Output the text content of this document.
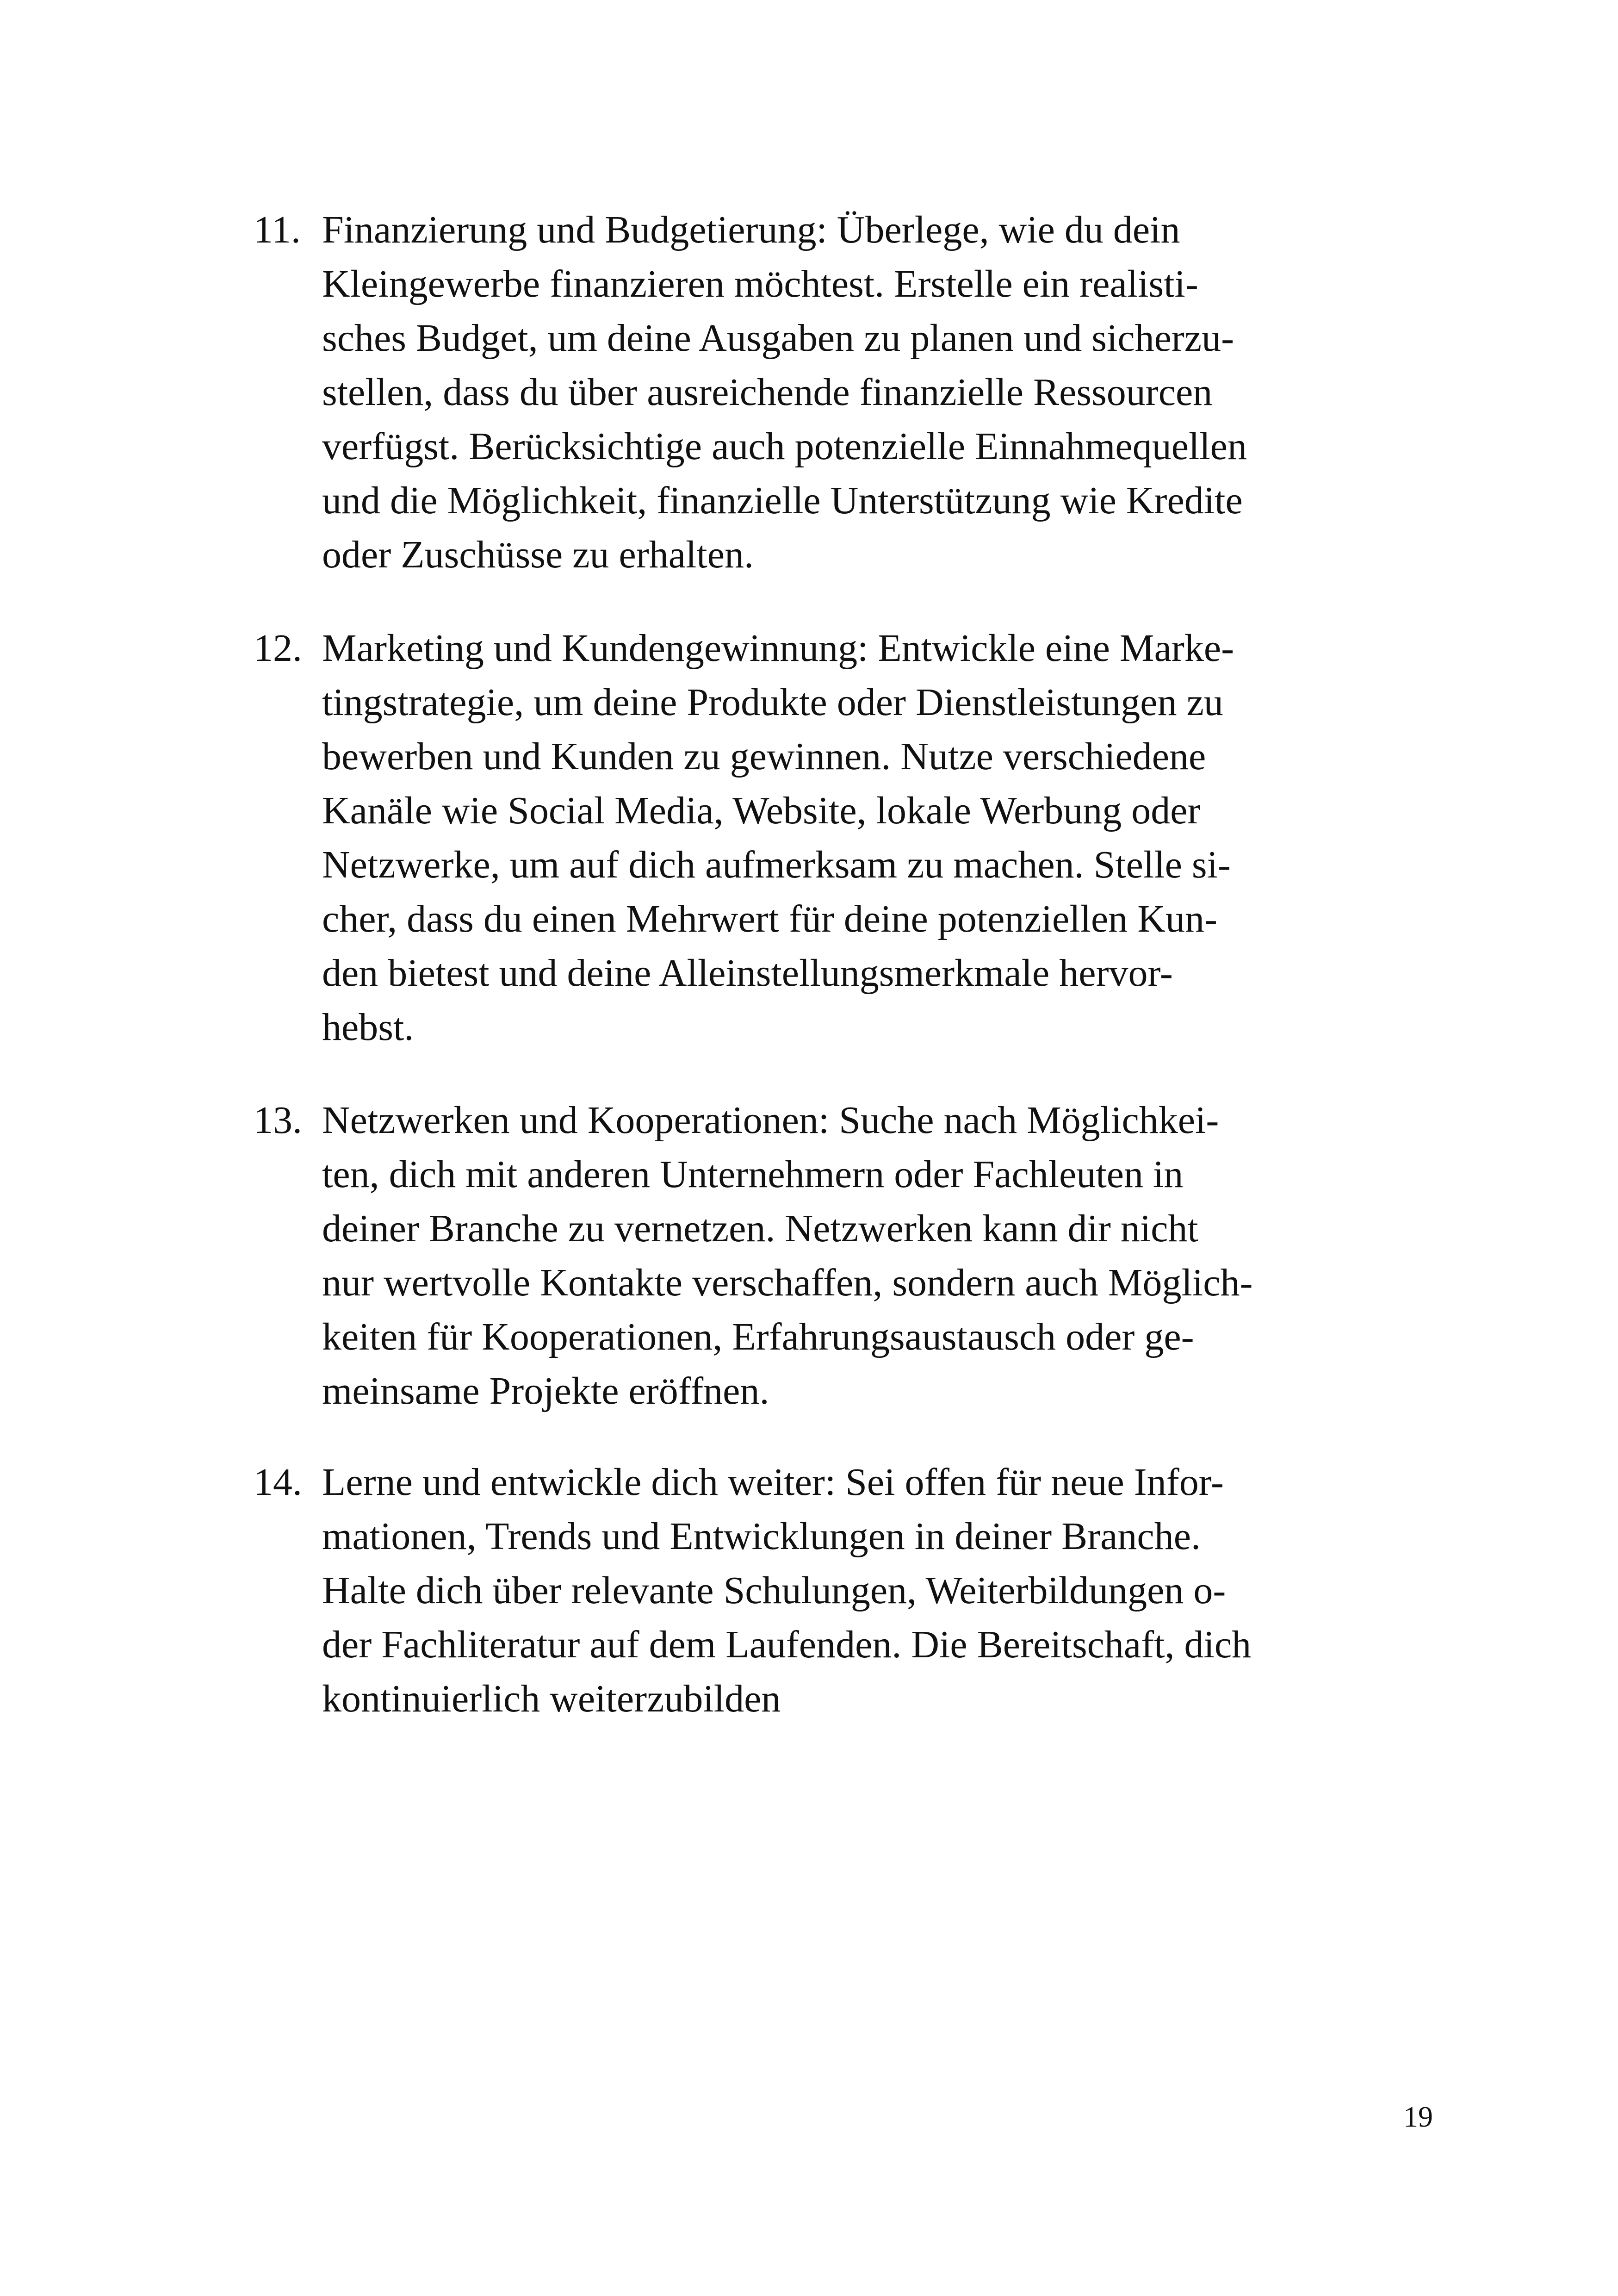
11. Finanzierung und Budgetierung: Überlege, wie du dein
Kleingewerbe finanzieren möchtest. Erstelle ein realisti-
sches Budget, um deine Ausgaben zu planen und sicherzu-
stellen, dass du über ausreichende finanzielle Ressourcen
verfügst. Berücksichtige auch potenzielle Einnahmequellen
und die Möglichkeit, finanzielle Unterstützung wie Kredite
oder Zuschüsse zu erhalten.
12. Marketing und Kundengewinnung: Entwickle eine Marke-
tingstrategie, um deine Produkte oder Dienstleistungen zu
bewerben und Kunden zu gewinnen. Nutze verschiedene
Kanäle wie Social Media, Website, lokale Werbung oder
Netzwerke, um auf dich aufmerksam zu machen. Stelle si-
cher, dass du einen Mehrwert für deine potenziellen Kun-
den bietest und deine Alleinstellungsmerkmale hervor-
hebst.
13. Netzwerken und Kooperationen: Suche nach Möglichkei-
ten, dich mit anderen Unternehmern oder Fachleuten in
deiner Branche zu vernetzen. Netzwerken kann dir nicht
nur wertvolle Kontakte verschaffen, sondern auch Möglich-
keiten für Kooperationen, Erfahrungsaustausch oder ge-
meinsame Projekte eröffnen.
14. Lerne und entwickle dich weiter: Sei offen für neue Infor-
mationen, Trends und Entwicklungen in deiner Branche.
Halte dich über relevante Schulungen, Weiterbildungen o-
der Fachliteratur auf dem Laufenden. Die Bereitschaft, dich
kontinuierlich weiterzubilden
19
